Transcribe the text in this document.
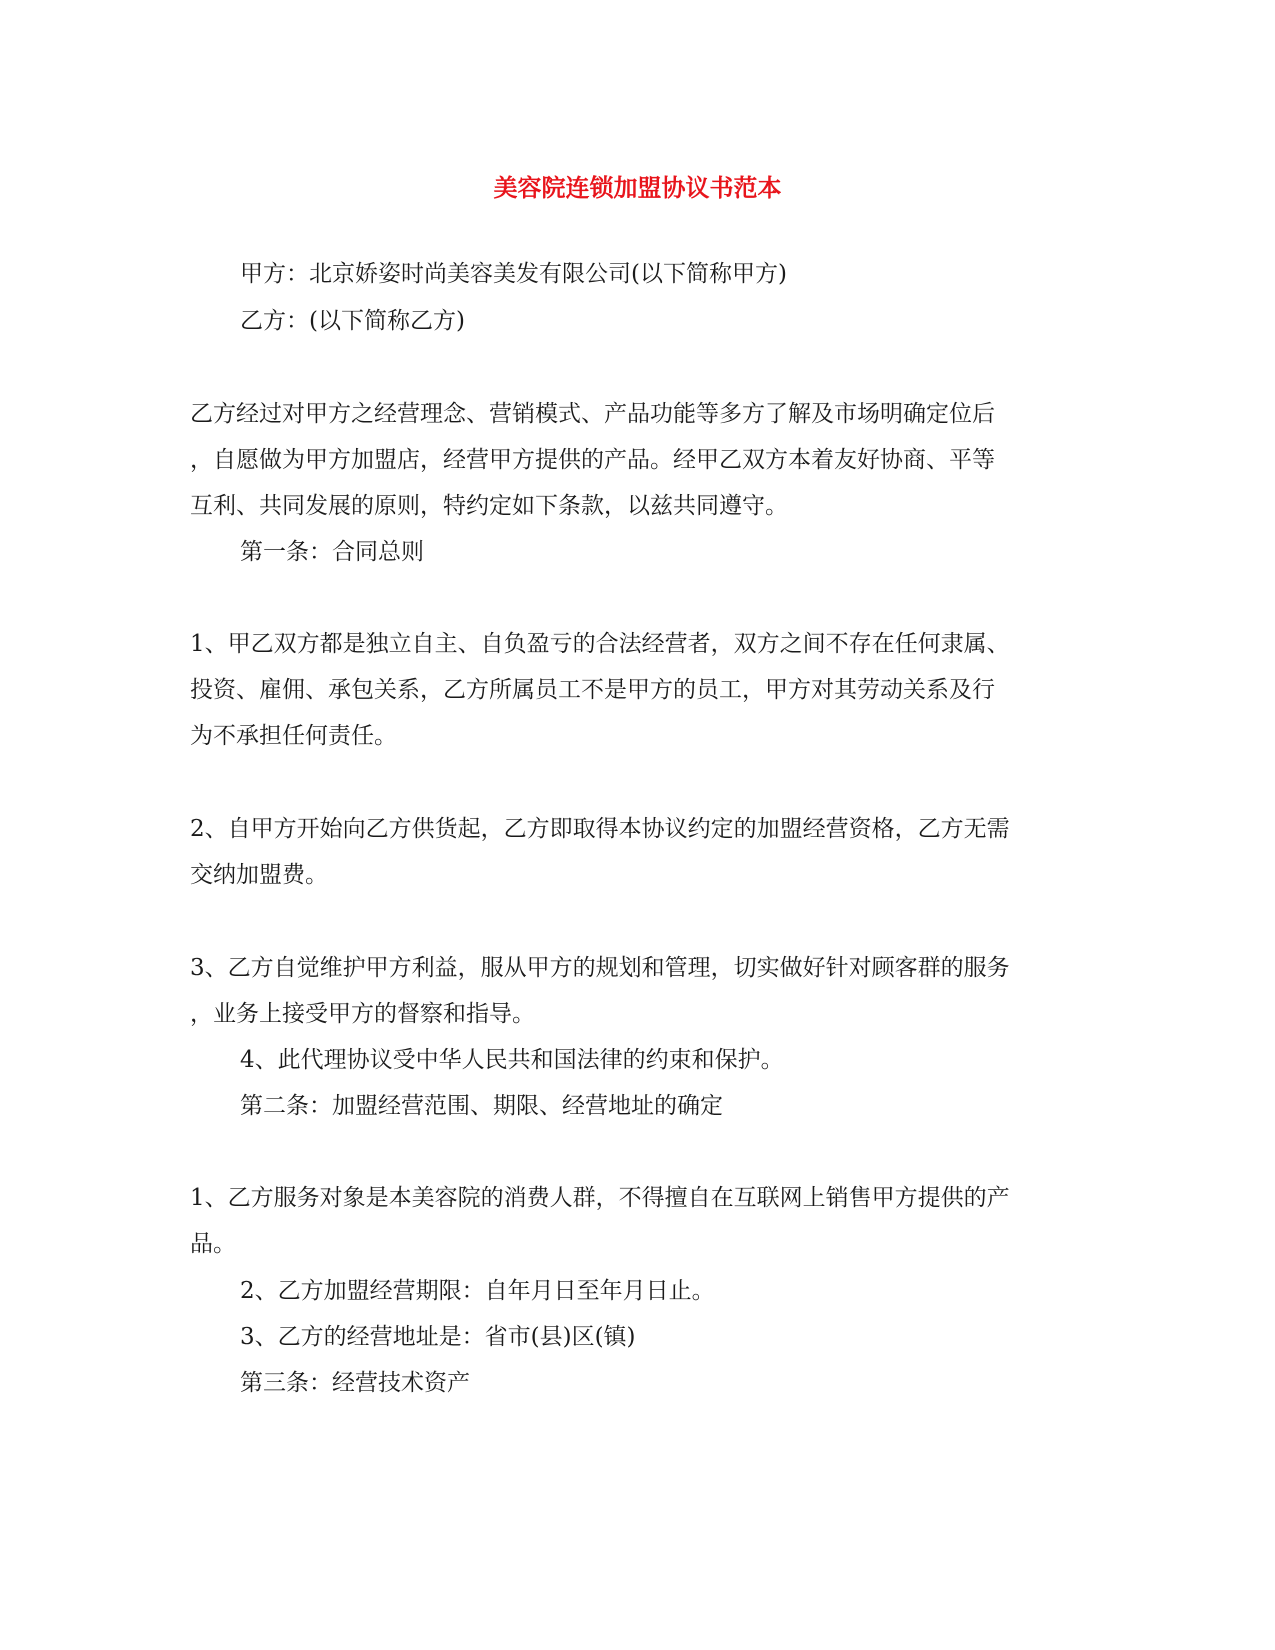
美容院连锁加盟协议书范本
甲方：北京娇姿时尚美容美发有限公司(以下简称甲方)
乙方：(以下简称乙方)
乙方经过对甲方之经营理念、营销模式、产品功能等多方了解及市场明确定位后
，自愿做为甲方加盟店，经营甲方提供的产品。经甲乙双方本着友好协商、平等
互利、共同发展的原则，特约定如下条款，以兹共同遵守。
第一条：合同总则
1、甲乙双方都是独立自主、自负盈亏的合法经营者，双方之间不存在任何隶属、
投资、雇佣、承包关系，乙方所属员工不是甲方的员工，甲方对其劳动关系及行
为不承担任何责任。
2、自甲方开始向乙方供货起，乙方即取得本协议约定的加盟经营资格，乙方无需
交纳加盟费。
3、乙方自觉维护甲方利益，服从甲方的规划和管理，切实做好针对顾客群的服务
，业务上接受甲方的督察和指导。
4、此代理协议受中华人民共和国法律的约束和保护。
第二条：加盟经营范围、期限、经营地址的确定
1、乙方服务对象是本美容院的消费人群，不得擅自在互联网上销售甲方提供的产
品。
2、乙方加盟经营期限：自年月日至年月日止。
3、乙方的经营地址是：省市(县)区(镇)
第三条：经营技术资产
